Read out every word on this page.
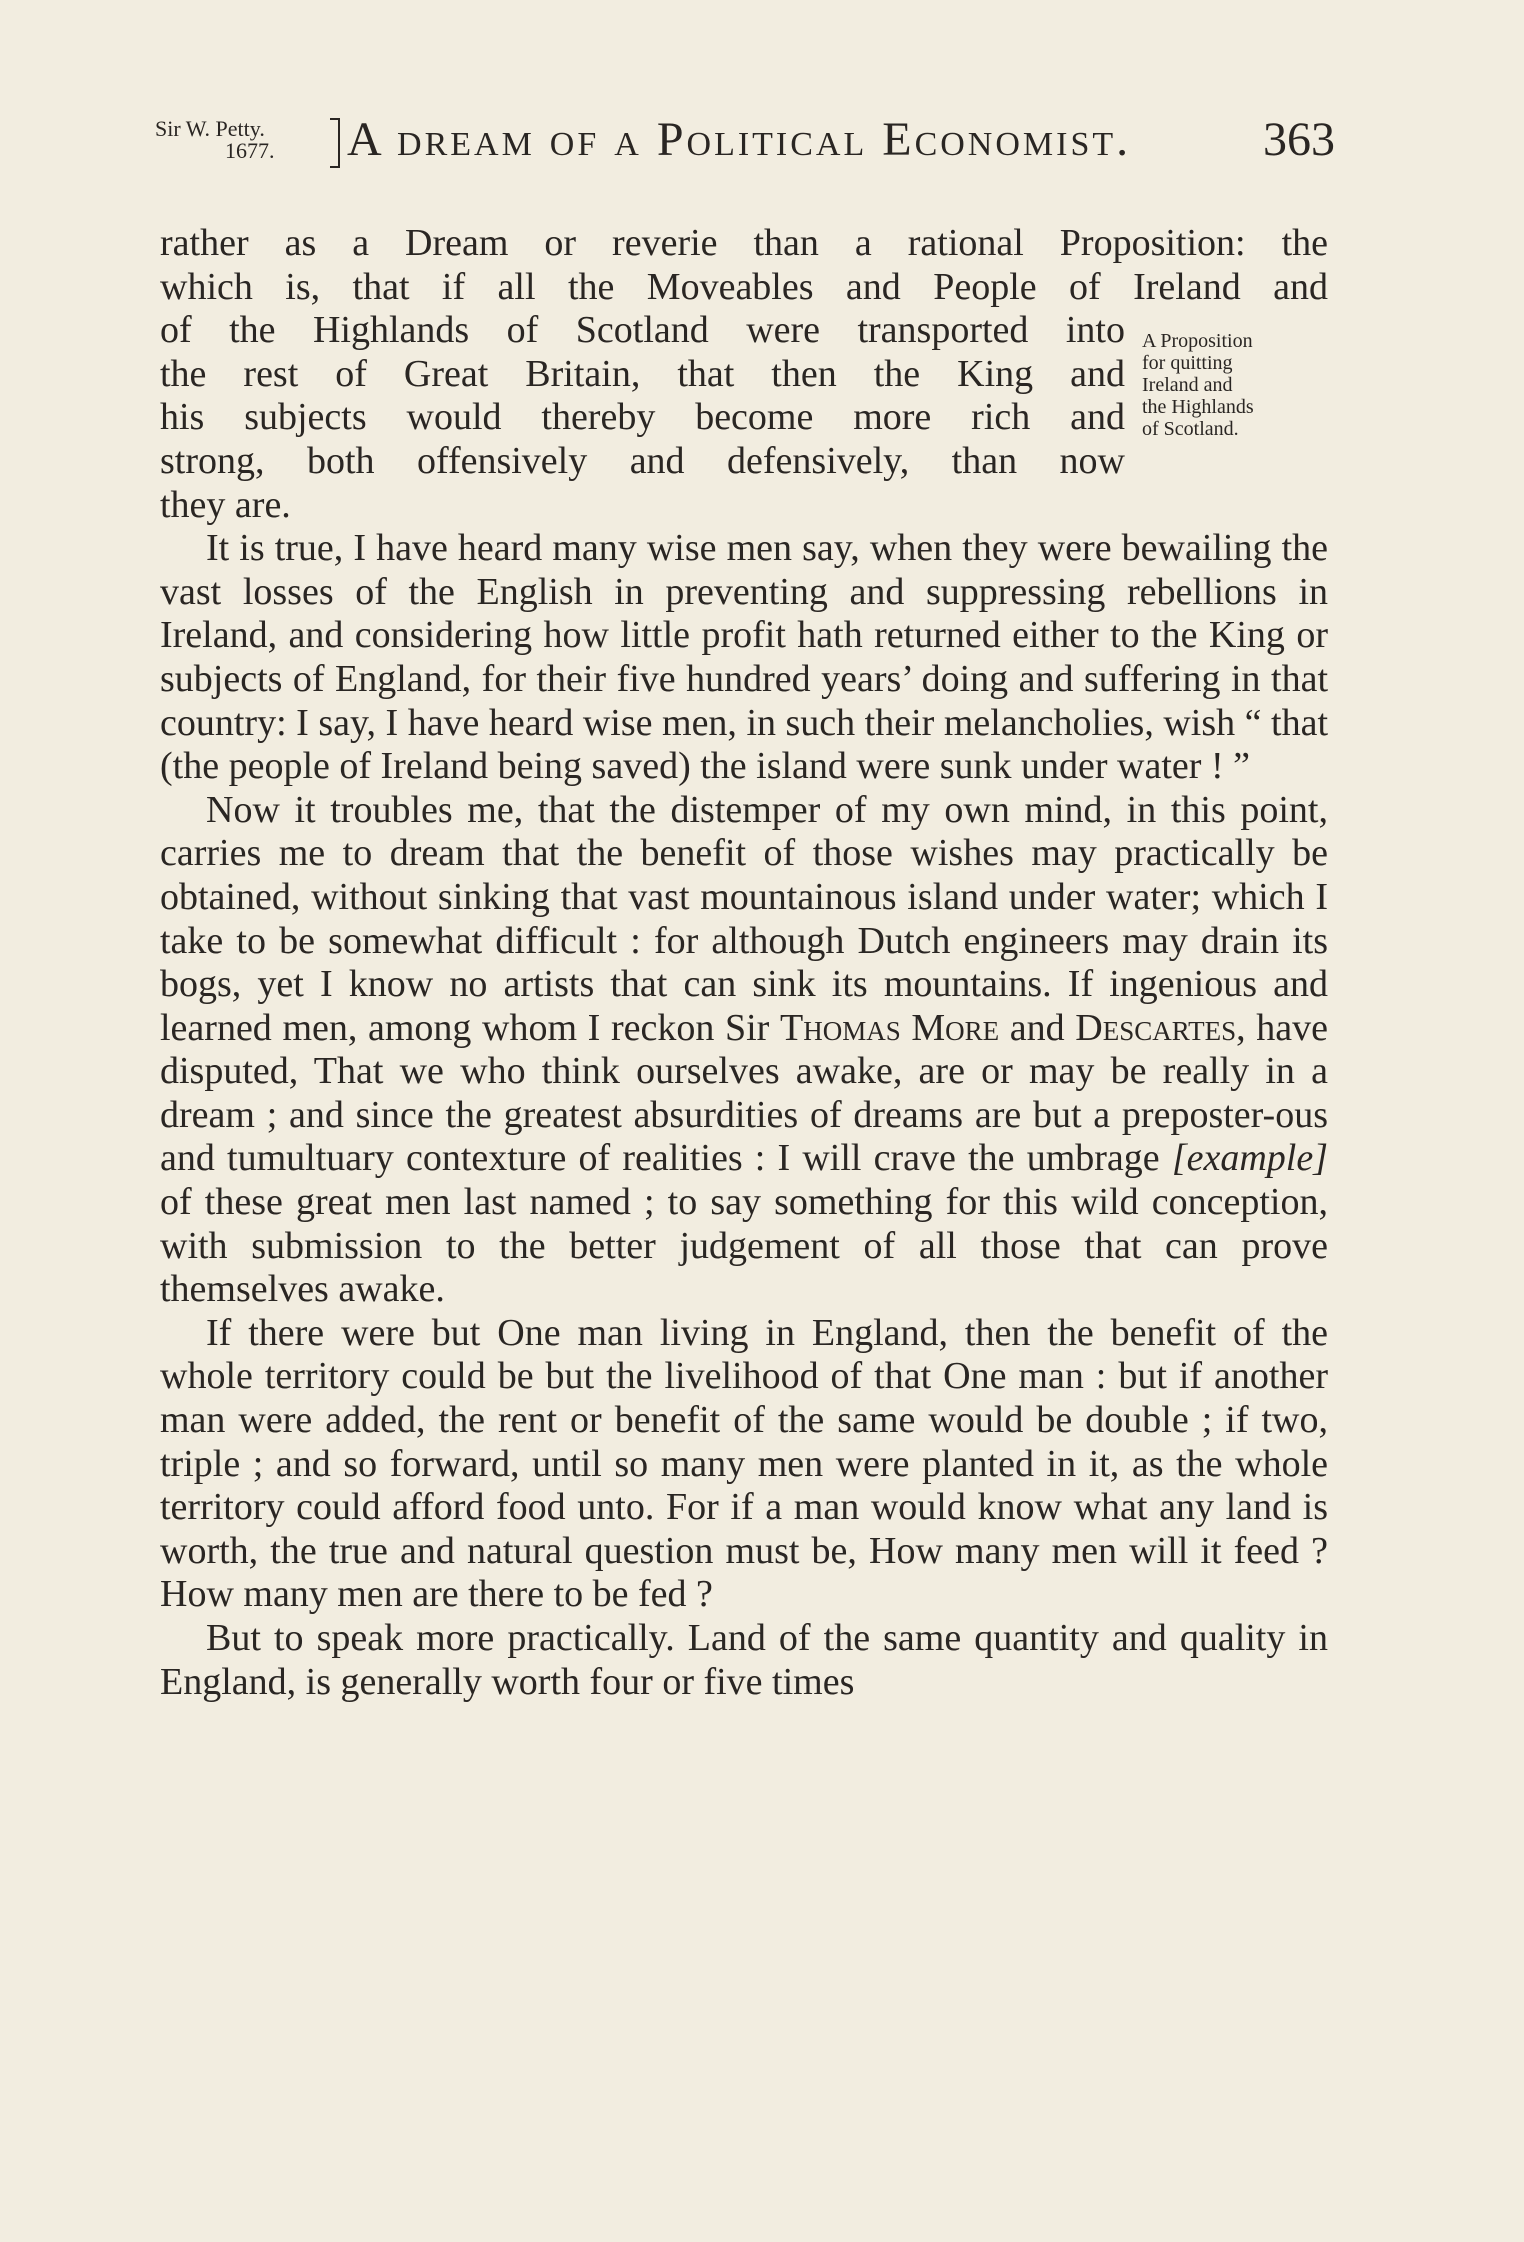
Sir W. Petty.
1677. A dream of a Political Economist.	363
A Proposition
for quitting
Ireland and
the Highlands
of Scotland.

rather as a Dream or reverie than a rational Proposition: the
which is, that if all the Moveables and People of Ireland and
of the Highlands of Scotland were transported into
the rest of Great Britain, that then the King and
his subjects would thereby become more rich and
strong, both offensively and defensively, than now
they are.

It is true, I have heard many wise men say, when they were bewailing the vast losses of the English in preventing and suppressing rebellions in Ireland, and considering how little profit hath returned either to the King or subjects of England, for their five hundred years’ doing and suffering in that country: I say, I have heard wise men, in such their melancholies, wish “ that (the people of Ireland being saved) the island were sunk under water ! ”

Now it troubles me, that the distemper of my own mind, in this point, carries me to dream that the benefit of those wishes may practically be obtained, without sinking that vast mountainous island under water; which I take to be somewhat difficult : for although Dutch engineers may drain its bogs, yet I know no artists that can sink its mountains. If ingenious and learned men, among whom I reckon Sir Thomas More and Descartes, have disputed, That we who think ourselves awake, are or may be really in a dream ; and since the greatest absurdities of dreams are but a preposter-ous and tumultuary contexture of realities : I will crave the umbrage [example] of these great men last named ; to say something for this wild conception, with submission to the better judgement of all those that can prove themselves awake.

If there were but One man living in England, then the benefit of the whole territory could be but the livelihood of that One man : but if another man were added, the rent or benefit of the same would be double ; if two, triple ; and so forward, until so many men were planted in it, as the whole territory could afford food unto. For if a man would know what any land is worth, the true and natural question must be, How many men will it feed ? How many men are there to be fed ?

But to speak more practically. Land of the same quantity and quality in England, is generally worth four or five times
